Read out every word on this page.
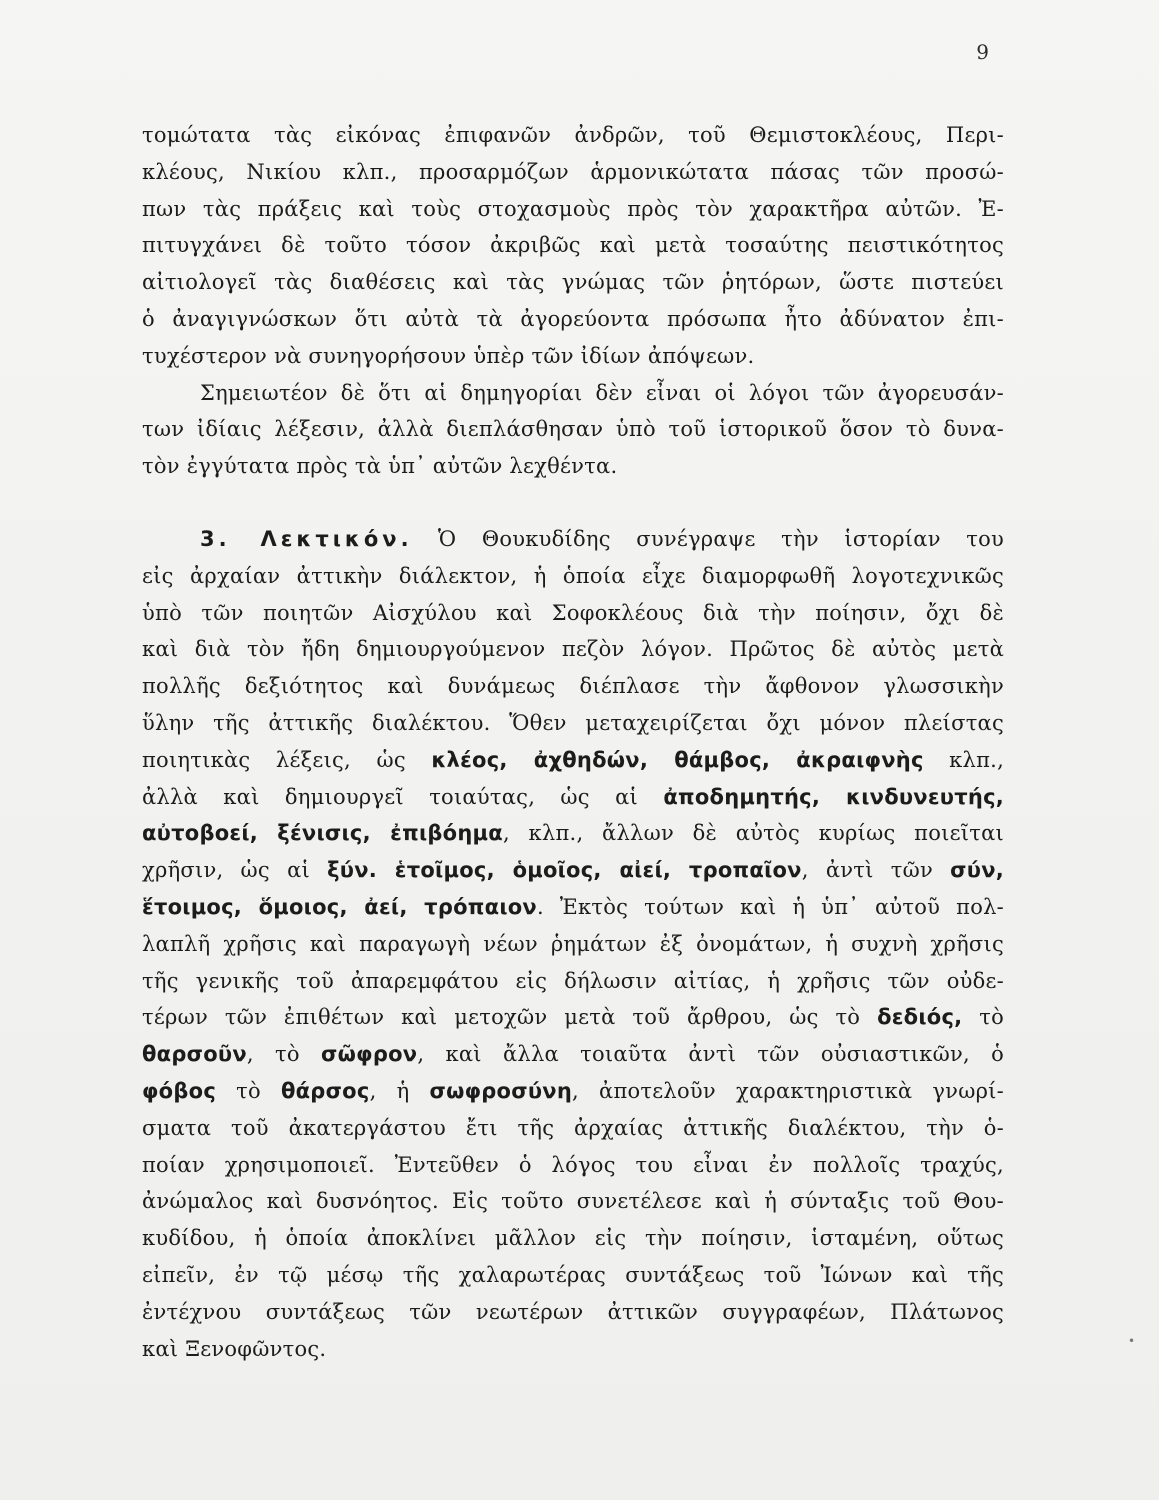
9
τομώτατα τὰς εἰκόνας ἐπιφανῶν ἀνδρῶν, τοῦ Θεμιστοκλέους, Περι-
κλέους, Νικίου κλπ., προσαρμόζων ἁρμονικώτατα πάσας τῶν προσώ-
πων τὰς πράξεις καὶ τοὺς στοχασμοὺς πρὸς τὸν χαρακτῆρα αὐτῶν. Ἐ-
πιτυγχάνει δὲ τοῦτο τόσον ἀκριβῶς καὶ μετὰ τοσαύτης πειστικότητος
αἰτιολογεῖ τὰς διαθέσεις καὶ τὰς γνώμας τῶν ῥητόρων, ὥστε πιστεύει
ὁ ἀναγιγνώσκων ὅτι αὐτὰ τὰ ἀγορεύοντα πρόσωπα ἦτο ἀδύνατον ἐπι-
τυχέστερον νὰ συνηγορήσουν ὑπὲρ τῶν ἰδίων ἀπόψεων.
Σημειωτέον δὲ ὅτι αἱ δημηγορίαι δὲν εἶναι οἱ λόγοι τῶν ἀγορευσάν-
των ἰδίαις λέξεσιν, ἀλλὰ διεπλάσθησαν ὑπὸ τοῦ ἱστορικοῦ ὅσον τὸ δυνα-
τὸν ἐγγύτατα πρὸς τὰ ὑπ᾿ αὐτῶν λεχθέντα.
3. Λεκτικόν. Ὁ Θουκυδίδης συνέγραψε τὴν ἱστορίαν του
εἰς ἀρχαίαν ἀττικὴν διάλεκτον, ἡ ὁποία εἶχε διαμορφωθῆ λογοτεχνικῶς
ὑπὸ τῶν ποιητῶν Αἰσχύλου καὶ Σοφοκλέους διὰ τὴν ποίησιν, ὄχι δὲ
καὶ διὰ τὸν ἤδη δημιουργούμενον πεζὸν λόγον. Πρῶτος δὲ αὐτὸς μετὰ
πολλῆς δεξιότητος καὶ δυνάμεως διέπλασε τὴν ἄφθονον γλωσσικὴν
ὕλην τῆς ἀττικῆς διαλέκτου. Ὅθεν μεταχειρίζεται ὄχι μόνον πλείστας
ποιητικὰς λέξεις, ὡς κλέος, ἀχθηδών, θάμβος, ἀκραιφνὴς κλπ.,
ἀλλὰ καὶ δημιουργεῖ τοιαύτας, ὡς αἱ ἀποδημητής, κινδυνευτής,
αὐτοβοεί, ξένισις, ἐπιβόημα, κλπ., ἄλλων δὲ αὐτὸς κυρίως ποιεῖται
χρῆσιν, ὡς αἱ ξύν. ἑτοῖμος, ὁμοῖος, αἰεί, τροπαῖον, ἀντὶ τῶν σύν,
ἕτοιμος, ὅμοιος, ἀεί, τρόπαιον. Ἐκτὸς τούτων καὶ ἡ ὑπ᾿ αὐτοῦ πολ-
λαπλῆ χρῆσις καὶ παραγωγὴ νέων ῥημάτων ἐξ ὀνομάτων, ἡ συχνὴ χρῆσις
τῆς γενικῆς τοῦ ἀπαρεμφάτου εἰς δήλωσιν αἰτίας, ἡ χρῆσις τῶν οὐδε-
τέρων τῶν ἐπιθέτων καὶ μετοχῶν μετὰ τοῦ ἄρθρου, ὡς τὸ δεδιός, τὸ
θαρσοῦν, τὸ σῶφρον, καὶ ἄλλα τοιαῦτα ἀντὶ τῶν οὐσιαστικῶν, ὁ
φόβος τὸ θάρσος, ἡ σωφροσύνη, ἀποτελοῦν χαρακτηριστικὰ γνωρί-
σματα τοῦ ἀκατεργάστου ἔτι τῆς ἀρχαίας ἀττικῆς διαλέκτου, τὴν ὁ-
ποίαν χρησιμοποιεῖ. Ἐντεῦθεν ὁ λόγος του εἶναι ἐν πολλοῖς τραχύς,
ἀνώμαλος καὶ δυσνόητος. Εἰς τοῦτο συνετέλεσε καὶ ἡ σύνταξις τοῦ Θου-
κυδίδου, ἡ ὁποία ἀποκλίνει μᾶλλον εἰς τὴν ποίησιν, ἱσταμένη, οὕτως
εἰπεῖν, ἐν τῷ μέσῳ τῆς χαλαρωτέρας συντάξεως τοῦ Ἰώνων καὶ τῆς
ἐντέχνου συντάξεως τῶν νεωτέρων ἀττικῶν συγγραφέων, Πλάτωνος
καὶ Ξενοφῶντος.	•
